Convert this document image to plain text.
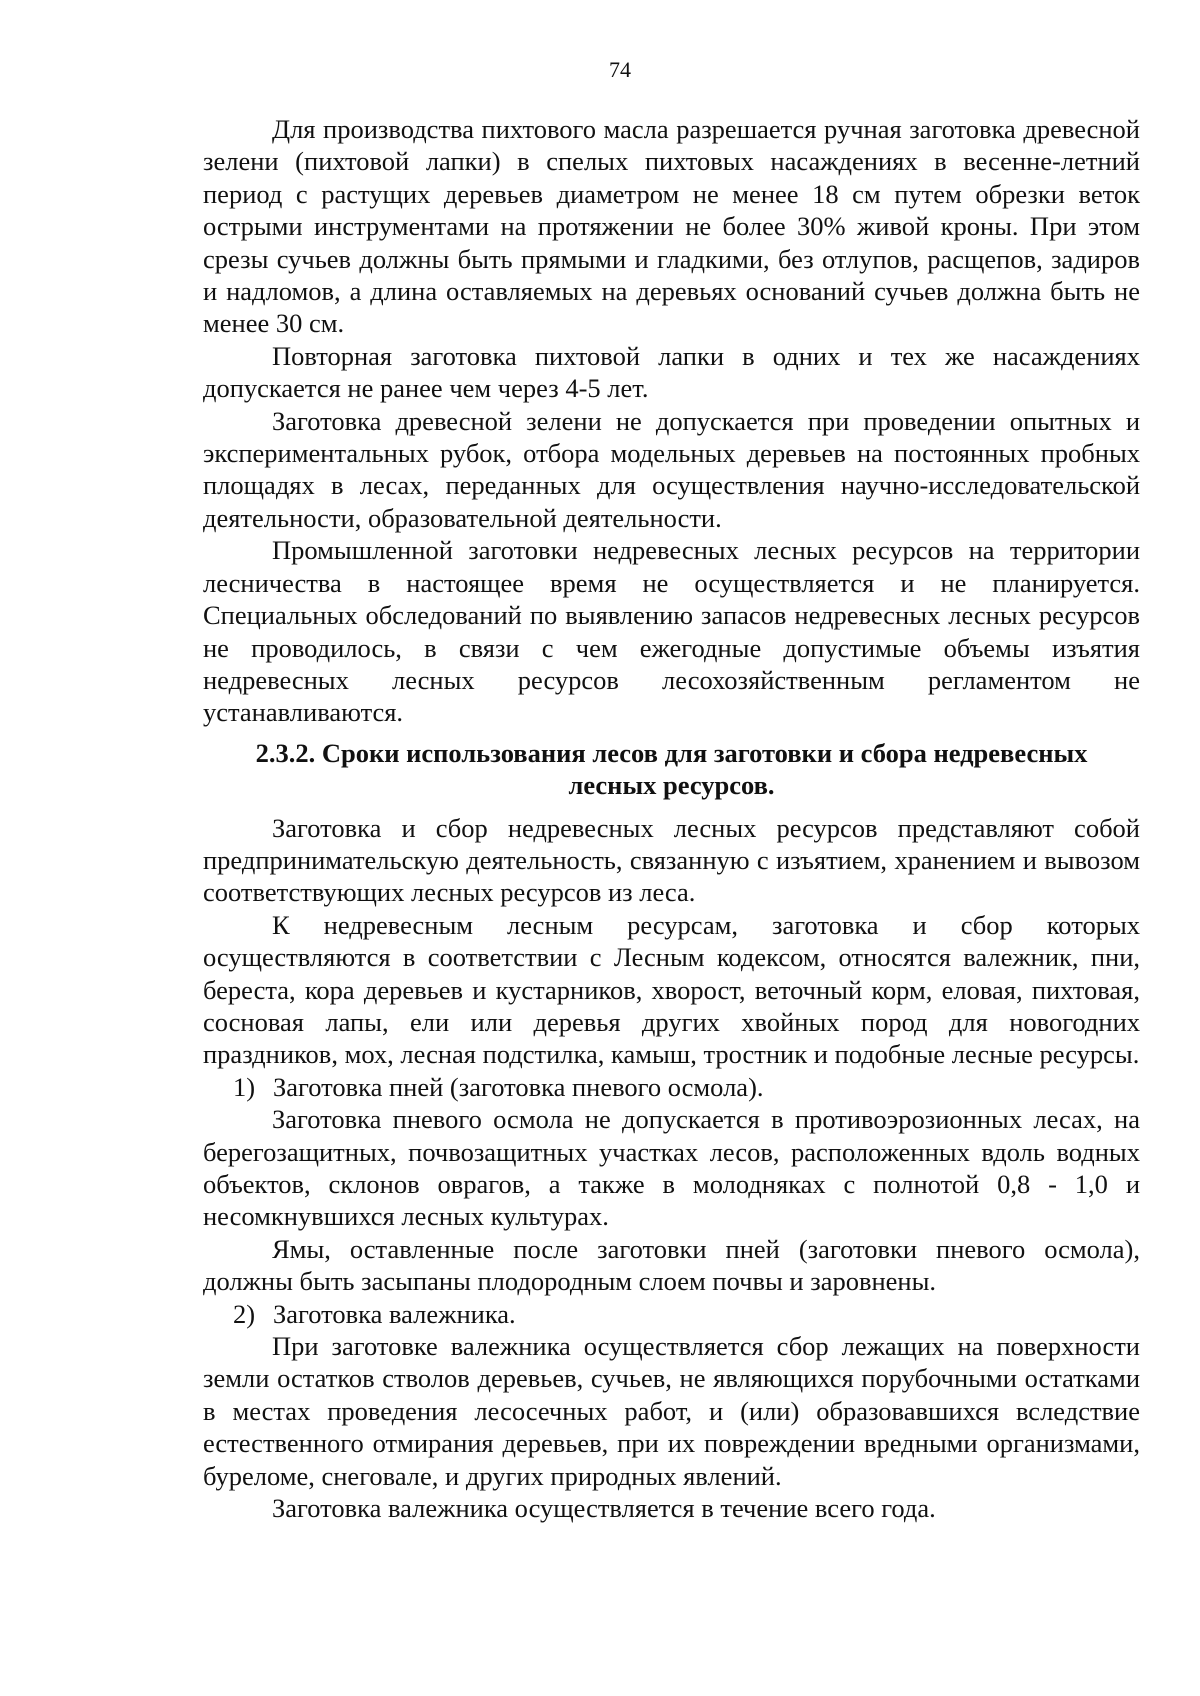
74

Для производства пихтового масла разрешается ручная заготовка древесной зелени (пихтовой лапки) в спелых пихтовых насаждениях в весенне-летний период с растущих деревьев диаметром не менее 18 см путем обрезки веток острыми инструментами на протяжении не более 30% живой кроны. При этом срезы сучьев должны быть прямыми и гладкими, без отлупов, расщепов, задиров и надломов, а длина оставляемых на деревьях оснований сучьев должна быть не менее 30 см.

Повторная заготовка пихтовой лапки в одних и тех же насаждениях допускается не ранее чем через 4-5 лет.

Заготовка древесной зелени не допускается при проведении опытных и экспериментальных рубок, отбора модельных деревьев на постоянных пробных площадях в лесах, переданных для осуществления научно-исследовательской деятельности, образовательной деятельности.

Промышленной заготовки недревесных лесных ресурсов на территории лесничества в настоящее время не осуществляется и не планируется. Специальных обследований по выявлению запасов недревесных лесных ресурсов не проводилось, в связи с чем ежегодные допустимые объемы изъятия недревесных лесных ресурсов лесохозяйственным регламентом не устанавливаются.

2.3.2. Сроки использования лесов для заготовки и сбора недревесных лесных ресурсов.

Заготовка и сбор недревесных лесных ресурсов представляют собой предпринимательскую деятельность, связанную с изъятием, хранением и вывозом соответствующих лесных ресурсов из леса.

К недревесным лесным ресурсам, заготовка и сбор которых осуществляются в соответствии с Лесным кодексом, относятся валежник, пни, береста, кора деревьев и кустарников, хворост, веточный корм, еловая, пихтовая, сосновая лапы, ели или деревья других хвойных пород для новогодних праздников, мох, лесная подстилка, камыш, тростник и подобные лесные ресурсы.

1) Заготовка пней (заготовка пневого осмола).

Заготовка пневого осмола не допускается в противоэрозионных лесах, на берегозащитных, почвозащитных участках лесов, расположенных вдоль водных объектов, склонов оврагов, а также в молодняках с полнотой 0,8 - 1,0 и несомкнувшихся лесных культурах.

Ямы, оставленные после заготовки пней (заготовки пневого осмола), должны быть засыпаны плодородным слоем почвы и заровнены.

2) Заготовка валежника.

При заготовке валежника осуществляется сбор лежащих на поверхности земли остатков стволов деревьев, сучьев, не являющихся порубочными остатками в местах проведения лесосечных работ, и (или) образовавшихся вследствие естественного отмирания деревьев, при их повреждении вредными организмами, буреломе, снеговале, и других природных явлений.

Заготовка валежника осуществляется в течение всего года.
